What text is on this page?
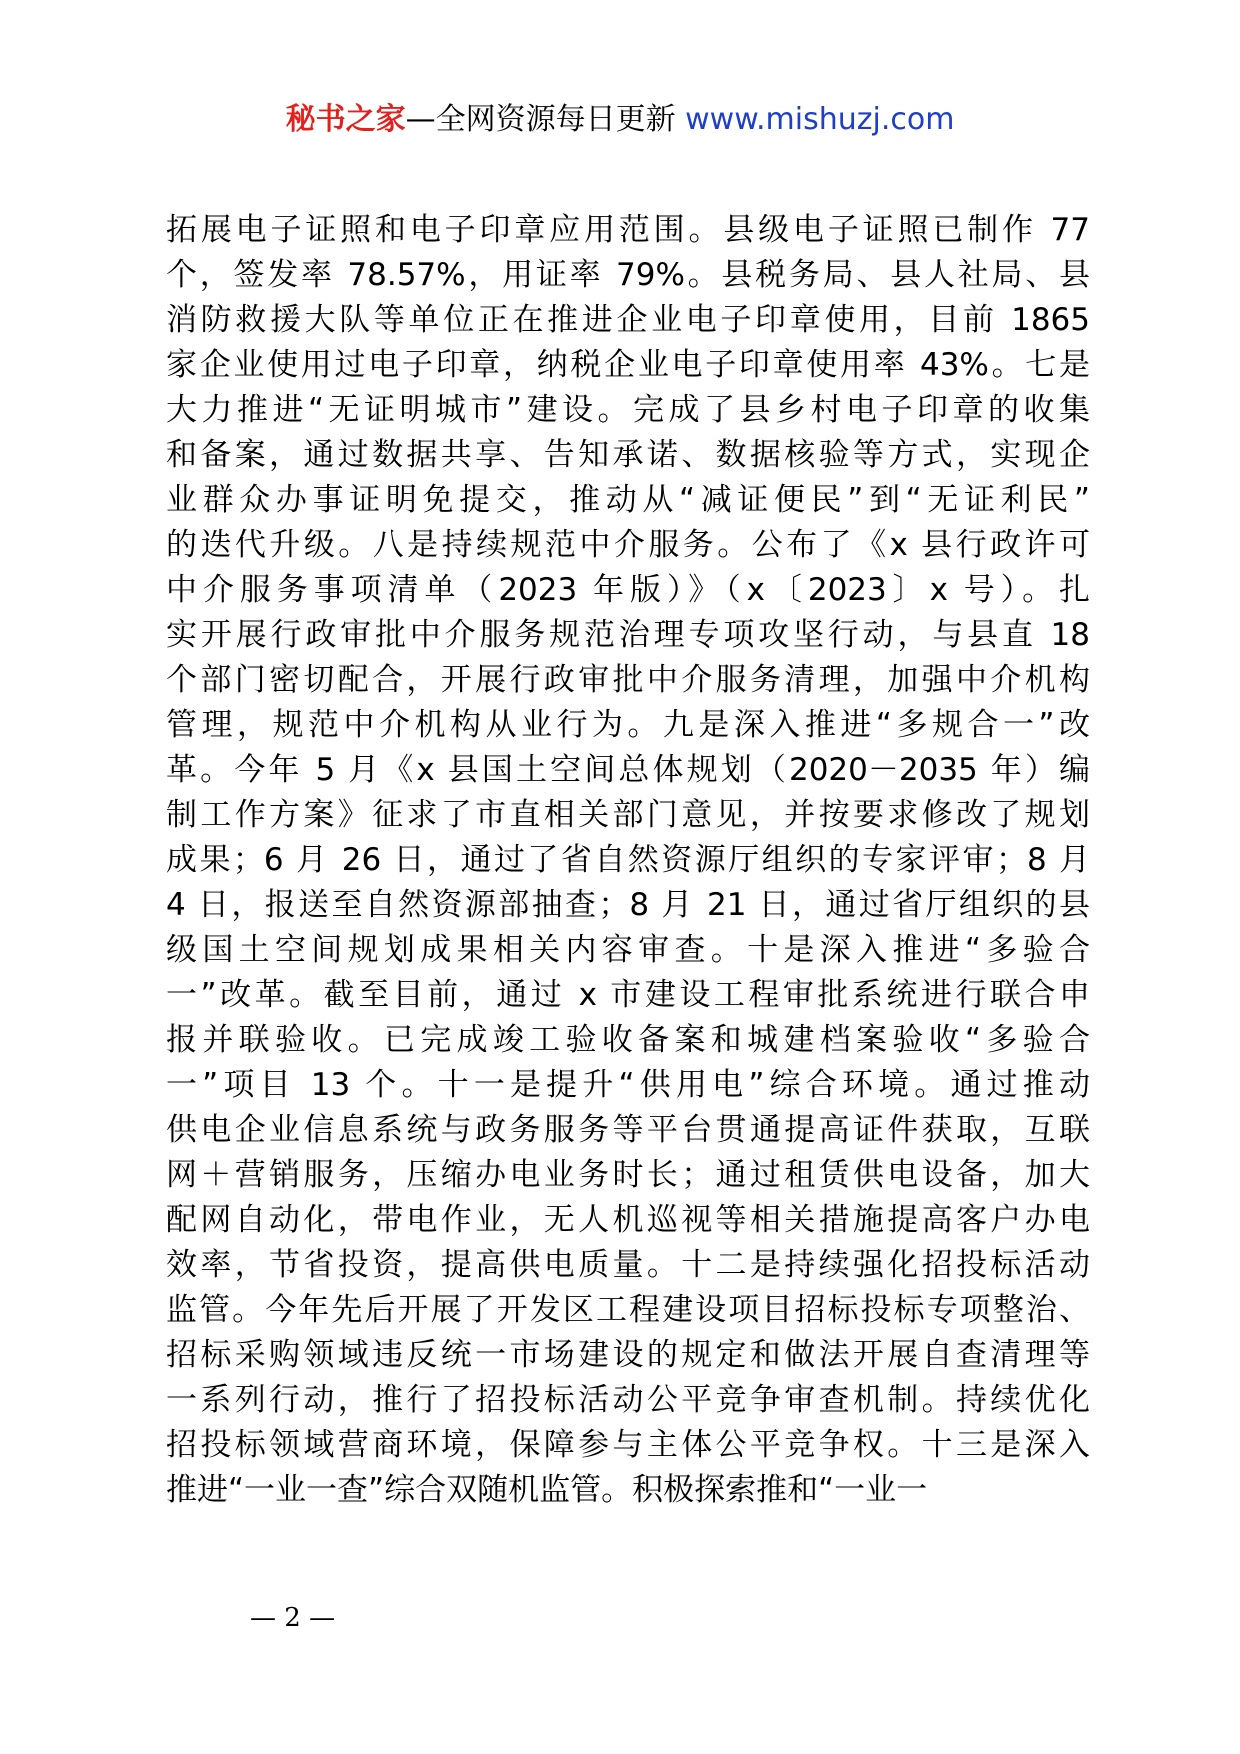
秘书之家—全网资源每日更新 www.mishuzj.com

拓展电子证照和电子印章应用范围。县级电子证照已制作 77
个，签发率 78.57%，用证率 79%。县税务局、县人社局、县
消防救援大队等单位正在推进企业电子印章使用，目前 1865
家企业使用过电子印章，纳税企业电子印章使用率 43%。七是
大力推进“无证明城市”建设。完成了县乡村电子印章的收集
和备案，通过数据共享、告知承诺、数据核验等方式，实现企
业群众办事证明免提交，推动从“减证便民”到“无证利民”
的迭代升级。八是持续规范中介服务。公布了《x 县行政许可
中介服务事项清单（2023 年版）》（x〔2023〕x 号）。扎
实开展行政审批中介服务规范治理专项攻坚行动，与县直 18
个部门密切配合，开展行政审批中介服务清理，加强中介机构
管理，规范中介机构从业行为。九是深入推进“多规合一”改
革。今年 5 月《x 县国土空间总体规划（2020－2035 年）编
制工作方案》征求了市直相关部门意见，并按要求修改了规划
成果；6 月 26 日，通过了省自然资源厅组织的专家评审；8 月
4 日，报送至自然资源部抽查；8 月 21 日，通过省厅组织的县
级国土空间规划成果相关内容审查。十是深入推进“多验合
一”改革。截至目前，通过 x 市建设工程审批系统进行联合申
报并联验收。已完成竣工验收备案和城建档案验收“多验合
一”项目 13 个。十一是提升“供用电”综合环境。通过推动
供电企业信息系统与政务服务等平台贯通提高证件获取，互联
网＋营销服务，压缩办电业务时长；通过租赁供电设备，加大
配网自动化，带电作业，无人机巡视等相关措施提高客户办电
效率，节省投资，提高供电质量。十二是持续强化招投标活动
监管。今年先后开展了开发区工程建设项目招标投标专项整治、
招标采购领域违反统一市场建设的规定和做法开展自查清理等
一系列行动，推行了招投标活动公平竞争审查机制。持续优化
招投标领域营商环境，保障参与主体公平竞争权。十三是深入
推进“一业一查”综合双随机监管。积极探索推和“一业一

— 2 —
